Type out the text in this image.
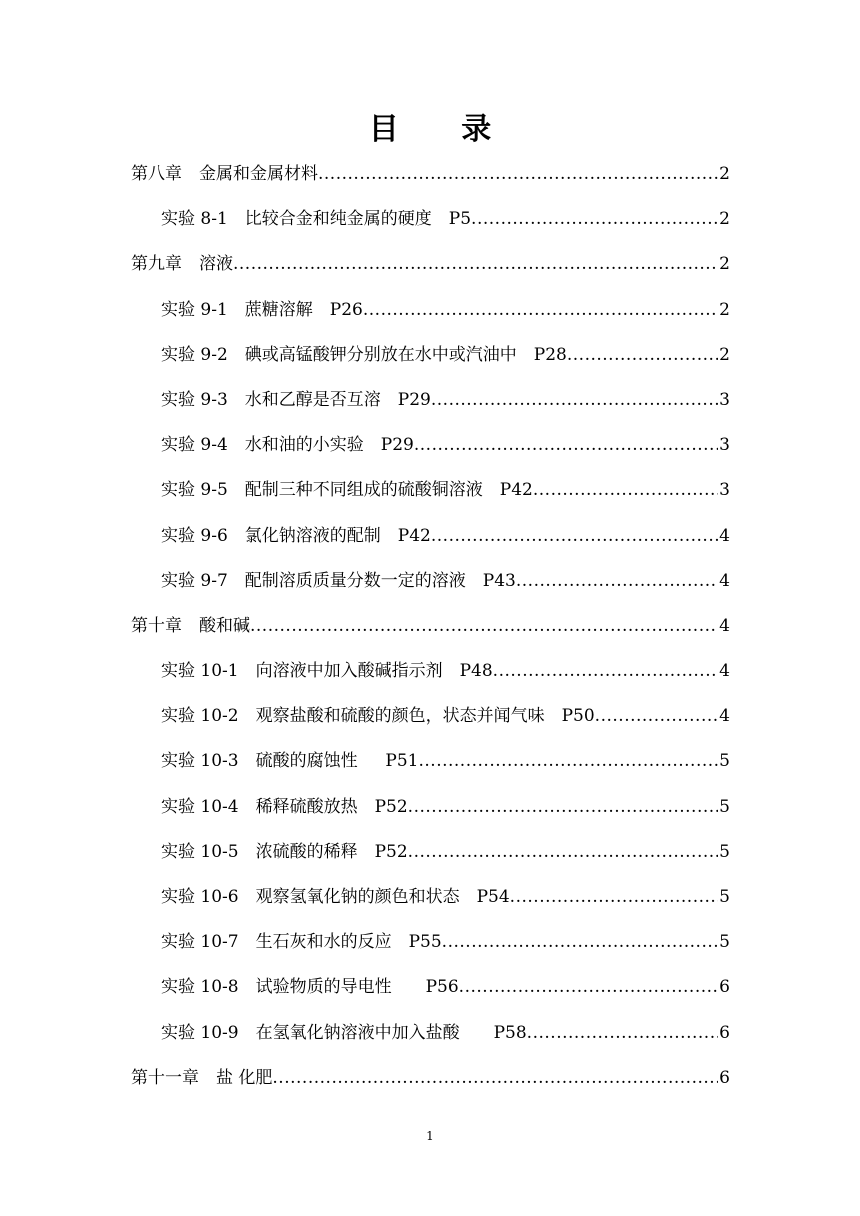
目 录
第八章　金属和金属材料 .....	2
实验 8-1　比较合金和纯金属的硬度　P5 .....	2
第九章　溶液 .....	2
实验 9-1　蔗糖溶解　P26 .....	2
实验 9-2　碘或高锰酸钾分别放在水中或汽油中　P28 .....	2
实验 9-3　水和乙醇是否互溶　P29 .....	3
实验 9-4　水和油的小实验　P29 .....	3
实验 9-5　配制三种不同组成的硫酸铜溶液　P42 .....	3
实验 9-6　氯化钠溶液的配制　P42 .....	4
实验 9-7　配制溶质质量分数一定的溶液　P43 .....	4
第十章　酸和碱 .....	4
实验 10-1　向溶液中加入酸碱指示剂　P48 .....	4
实验 10-2　观察盐酸和硫酸的颜色，状态并闻气味　P50 .....	4
实验 10-3　硫酸的腐蚀性　  P51 .....	5
实验 10-4　稀释硫酸放热　P52 .....	5
实验 10-5　浓硫酸的稀释　P52 .....	5
实验 10-6　观察氢氧化钠的颜色和状态　P54 .....	5
实验 10-7　生石灰和水的反应　P55 .....	5
实验 10-8　试验物质的导电性　　P56 .....	6
实验 10-9　在氢氧化钠溶液中加入盐酸　　P58 .....	6
第十一章　盐 化肥 .....	6
1
